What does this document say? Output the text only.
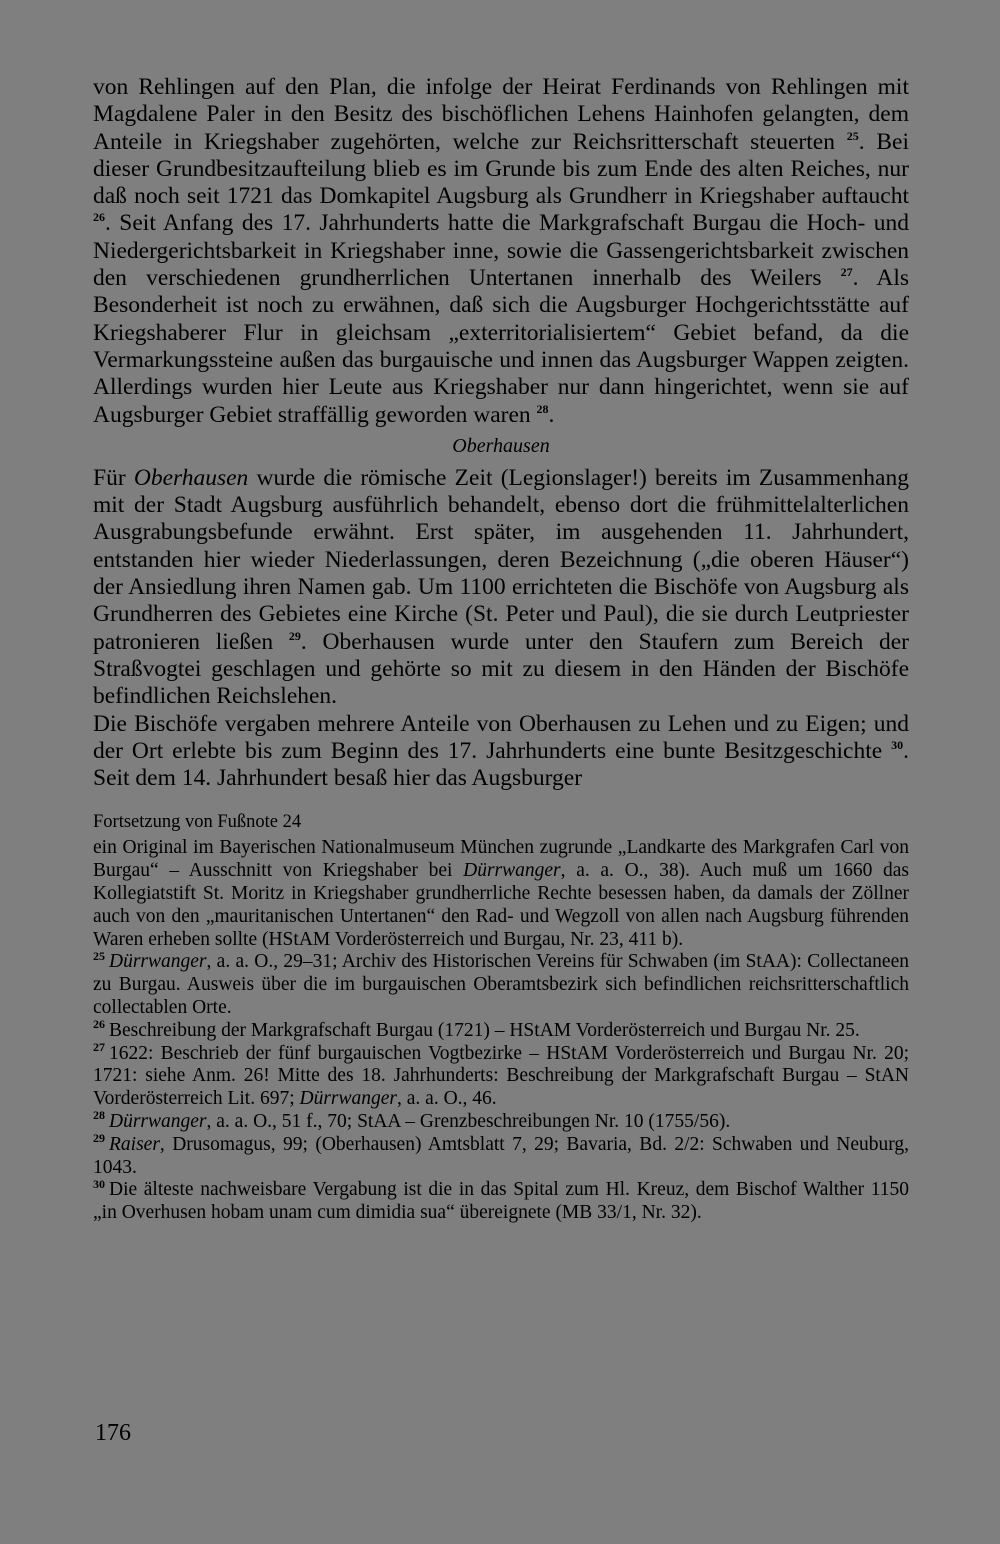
von Rehlingen auf den Plan, die infolge der Heirat Ferdinands von Rehlingen mit Magdalene Paler in den Besitz des bischöflichen Lehens Hainhofen gelangten, dem Anteile in Kriegshaber zugehörten, welche zur Reichsritterschaft steuerten $^{25}$. Bei dieser Grundbesitzaufteilung blieb es im Grunde bis zum Ende des alten Reiches, nur daß noch seit 1721 das Domkapitel Augsburg als Grundherr in Kriegshaber auftaucht $^{26}$. Seit Anfang des 17. Jahrhunderts hatte die Markgrafschaft Burgau die Hoch- und Niedergerichtsbarkeit in Kriegshaber inne, sowie die Gassengerichtsbarkeit zwischen den verschiedenen grundherrlichen Untertanen innerhalb des Weilers $^{27}$. Als Besonderheit ist noch zu erwähnen, daß sich die Augsburger Hochgerichtsstätte auf Kriegshaberer Flur in gleichsam „exterritorialisiertem“ Gebiet befand, da die Vermarkungssteine außen das burgauische und innen das Augsburger Wappen zeigten. Allerdings wurden hier Leute aus Kriegshaber nur dann hingerichtet, wenn sie auf Augsburger Gebiet straffällig geworden waren $^{28}$.

Oberhausen

Für Oberhausen wurde die römische Zeit (Legionslager!) bereits im Zusammenhang mit der Stadt Augsburg ausführlich behandelt, ebenso dort die frühmittelalterlichen Ausgrabungsbefunde erwähnt. Erst später, im ausgehenden 11. Jahrhundert, entstanden hier wieder Niederlassungen, deren Bezeichnung („die oberen Häuser“) der Ansiedlung ihren Namen gab. Um 1100 errichteten die Bischöfe von Augsburg als Grundherren des Gebietes eine Kirche (St. Peter und Paul), die sie durch Leutpriester patronieren ließen $^{29}$. Oberhausen wurde unter den Staufern zum Bereich der Straßvogtei geschlagen und gehörte so mit zu diesem in den Händen der Bischöfe befindlichen Reichslehen.

Die Bischöfe vergaben mehrere Anteile von Oberhausen zu Lehen und zu Eigen; und der Ort erlebte bis zum Beginn des 17. Jahrhunderts eine bunte Besitzgeschichte $^{30}$. Seit dem 14. Jahrhundert besaß hier das Augsburger

Fortsetzung von Fußnote 24

ein Original im Bayerischen Nationalmuseum München zugrunde „Landkarte des Markgrafen Carl von Burgau“ – Ausschnitt von Kriegshaber bei Dürrwanger, a. a. O., 38). Auch muß um 1660 das Kollegiatstift St. Moritz in Kriegshaber grundherrliche Rechte besessen haben, da damals der Zöllner auch von den „mauritanischen Untertanen“ den Rad- und Wegzoll von allen nach Augsburg führenden Waren erheben sollte (HStAM Vorderösterreich und Burgau, Nr. 23, 411 b).

$^{25}$ Dürrwanger, a. a. O., 29–31; Archiv des Historischen Vereins für Schwaben (im StAA): Collectaneen zu Burgau. Ausweis über die im burgauischen Oberamtsbezirk sich befindlichen reichsritterschaftlich collectablen Orte.

$^{26}$ Beschreibung der Markgrafschaft Burgau (1721) – HStAM Vorderösterreich und Burgau Nr. 25.

$^{27}$ 1622: Beschrieb der fünf burgauischen Vogtbezirke – HStAM Vorderösterreich und Burgau Nr. 20; 1721: siehe Anm. 26! Mitte des 18. Jahrhunderts: Beschreibung der Markgrafschaft Burgau – StAN Vorderösterreich Lit. 697; Dürrwanger, a. a. O., 46.

$^{28}$ Dürrwanger, a. a. O., 51 f., 70; StAA – Grenzbeschreibungen Nr. 10 (1755/56).

$^{29}$ Raiser, Drusomagus, 99; (Oberhausen) Amtsblatt 7, 29; Bavaria, Bd. 2/2: Schwaben und Neuburg, 1043.

$^{30}$ Die älteste nachweisbare Vergabung ist die in das Spital zum Hl. Kreuz, dem Bischof Walther 1150 „in Overhusen hobam unam cum dimidia sua“ übereignete (MB 33/1, Nr. 32).

176
